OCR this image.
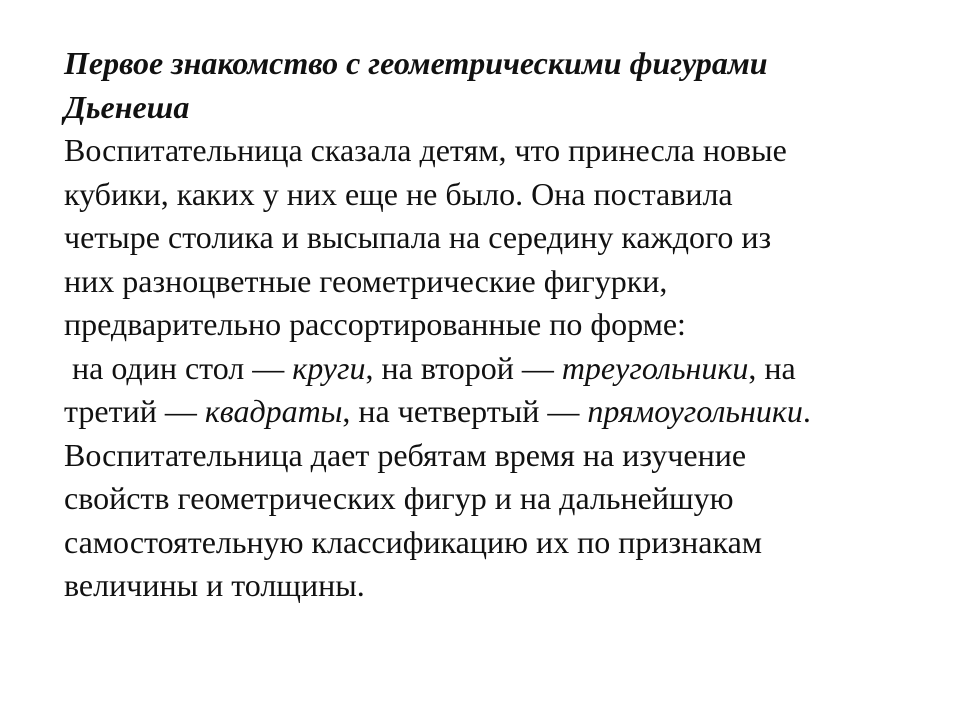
Первое знакомство с геометрическими фигурами
Дьенеша

Воспитательница сказала детям, что принесла новые
кубики, каких у них еще не было. Она поставила
четыре столика и высыпала на середину каждого из
них разноцветные геометрические фигурки,
предварительно рассортированные по форме:

на один стол — круги, на второй — треугольники, на
третий — квадраты, на четвертый — прямоугольники.

Воспитательница дает ребятам время на изучение
свойств геометрических фигур и на дальнейшую
самостоятельную классификацию их по признакам
величины и толщины.
